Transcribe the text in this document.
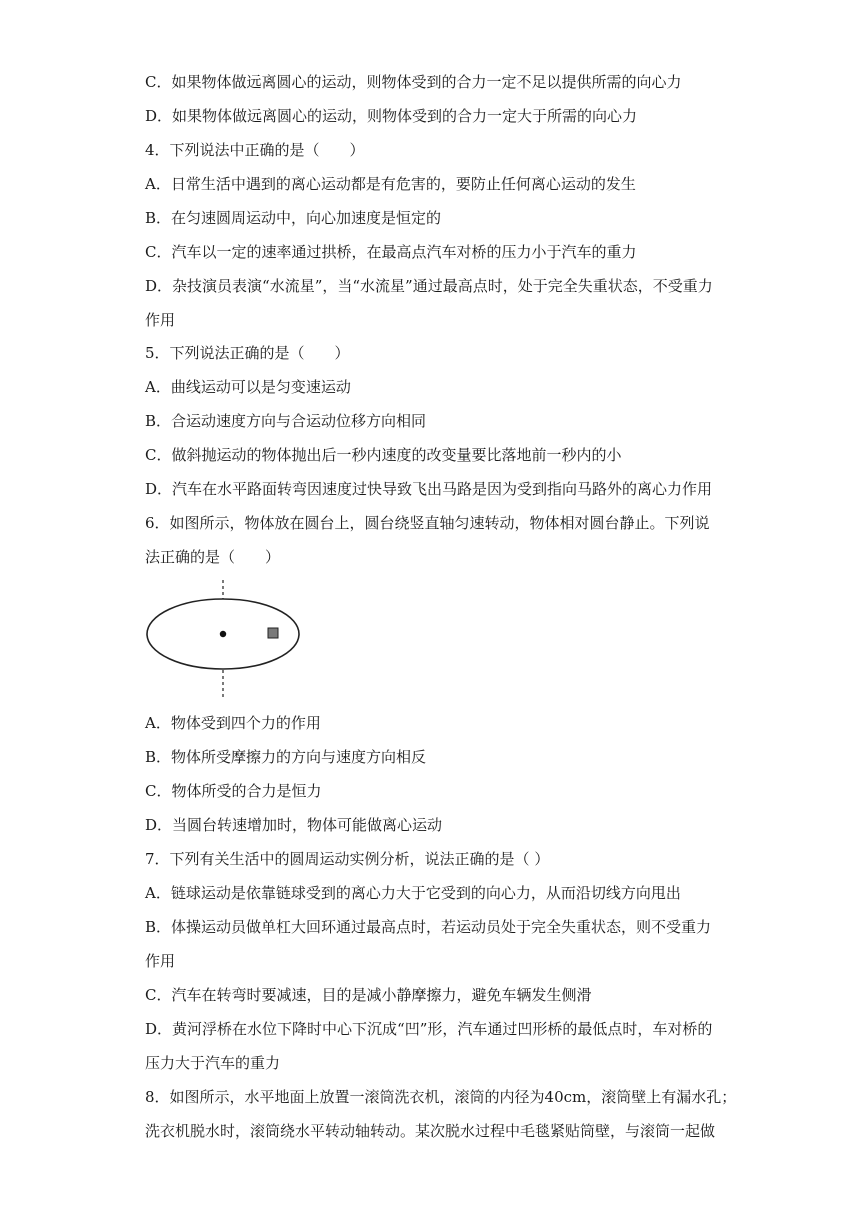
C．如果物体做远离圆心的运动，则物体受到的合力一定不足以提供所需的向心力
D．如果物体做远离圆心的运动，则物体受到的合力一定大于所需的向心力
4．下列说法中正确的是（　　）
A．日常生活中遇到的离心运动都是有危害的，要防止任何离心运动的发生
B．在匀速圆周运动中，向心加速度是恒定的
C．汽车以一定的速率通过拱桥，在最高点汽车对桥的压力小于汽车的重力
D．杂技演员表演“水流星”，当“水流星”通过最高点时，处于完全失重状态，不受重力
作用
5．下列说法正确的是（　　）
A．曲线运动可以是匀变速运动
B．合运动速度方向与合运动位移方向相同
C．做斜抛运动的物体抛出后一秒内速度的改变量要比落地前一秒内的小
D．汽车在水平路面转弯因速度过快导致飞出马路是因为受到指向马路外的离心力作用
6．如图所示，物体放在圆台上，圆台绕竖直轴匀速转动，物体相对圆台静止。下列说
法正确的是（　　）
A．物体受到四个力的作用
B．物体所受摩擦力的方向与速度方向相反
C．物体所受的合力是恒力
D．当圆台转速增加时，物体可能做离心运动
7．下列有关生活中的圆周运动实例分析，说法正确的是（ ）
A．链球运动是依靠链球受到的离心力大于它受到的向心力，从而沿切线方向甩出
B．体操运动员做单杠大回环通过最高点时，若运动员处于完全失重状态，则不受重力
作用
C．汽车在转弯时要减速，目的是减小静摩擦力，避免车辆发生侧滑
D．黄河浮桥在水位下降时中心下沉成“凹”形，汽车通过凹形桥的最低点时，车对桥的
压力大于汽车的重力
8．如图所示，水平地面上放置一滚筒洗衣机，滚筒的内径为40cm，滚筒壁上有漏水孔；
洗衣机脱水时，滚筒绕水平转动轴转动。某次脱水过程中毛毯紧贴筒壁，与滚筒一起做
